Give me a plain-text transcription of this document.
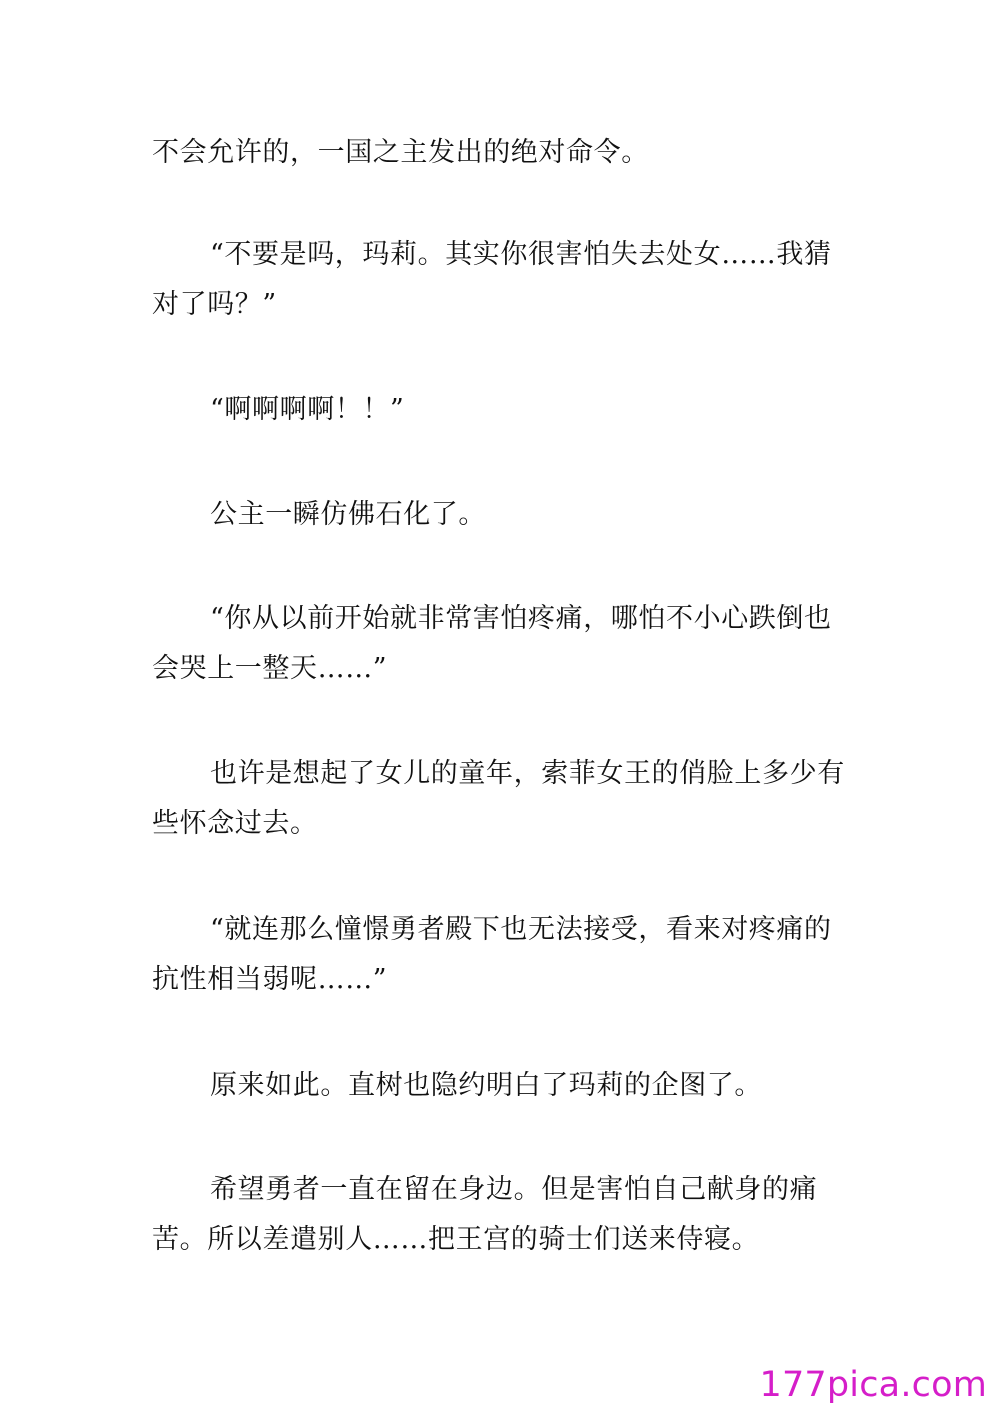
不会允许的，一国之主发出的绝对命令。

“不要是吗，玛莉。其实你很害怕失去处女……我猜对了吗？”

“啊啊啊啊！！”

公主一瞬仿佛石化了。

“你从以前开始就非常害怕疼痛，哪怕不小心跌倒也会哭上一整天……”

也许是想起了女儿的童年，索菲女王的俏脸上多少有些怀念过去。

“就连那么憧憬勇者殿下也无法接受，看来对疼痛的抗性相当弱呢……”

原来如此。直树也隐约明白了玛莉的企图了。

希望勇者一直在留在身边。但是害怕自己献身的痛苦。所以差遣别人……把王宫的骑士们送来侍寝。

177pica.com
